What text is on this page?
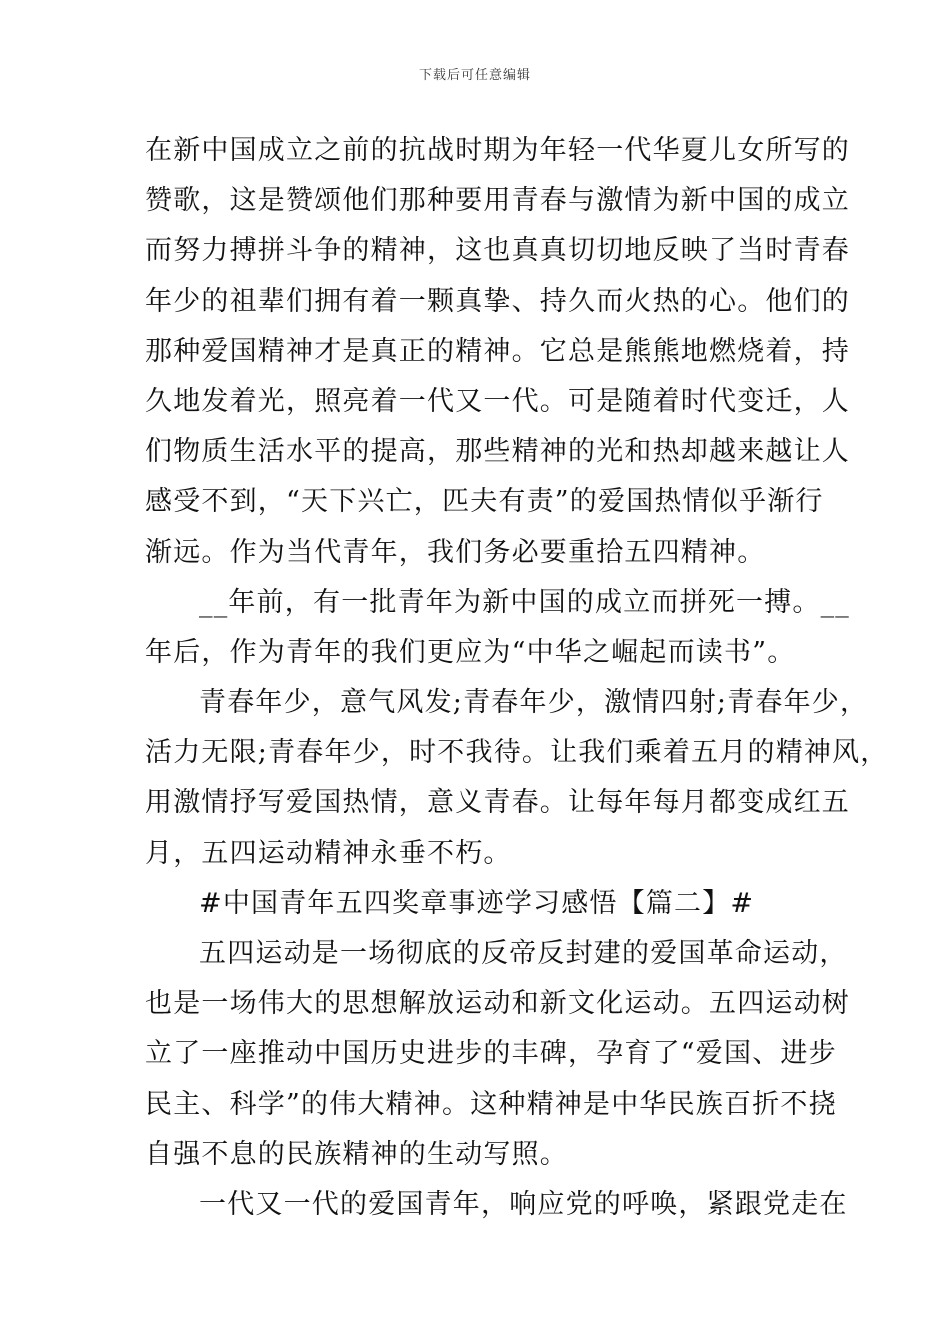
下载后可任意编辑
在新中国成立之前的抗战时期为年轻一代华夏儿女所写的
赞歌，这是赞颂他们那种要用青春与激情为新中国的成立
而努力搏拼斗争的精神，这也真真切切地反映了当时青春
年少的祖辈们拥有着一颗真挚、持久而火热的心。他们的
那种爱国精神才是真正的精神。它总是熊熊地燃烧着，持
久地发着光，照亮着一代又一代。可是随着时代变迁，人
们物质生活水平的提高，那些精神的光和热却越来越让人
感受不到，“天下兴亡，匹夫有责”的爱国热情似乎渐行
渐远。作为当代青年，我们务必要重拾五四精神。
__年前，有一批青年为新中国的成立而拼死一搏。__
年后，作为青年的我们更应为“中华之崛起而读书”。
青春年少，意气风发;青春年少，激情四射;青春年少，
活力无限;青春年少，时不我待。让我们乘着五月的精神风，
用激情抒写爱国热情，意义青春。让每年每月都变成红五
月，五四运动精神永垂不朽。
#中国青年五四奖章事迹学习感悟【篇二】#
五四运动是一场彻底的反帝反封建的爱国革命运动，
也是一场伟大的思想解放运动和新文化运动。五四运动树
立了一座推动中国历史进步的丰碑，孕育了“爱国、进步
民主、科学”的伟大精神。这种精神是中华民族百折不挠
自强不息的民族精神的生动写照。
一代又一代的爱国青年，响应党的呼唤，紧跟党走在
